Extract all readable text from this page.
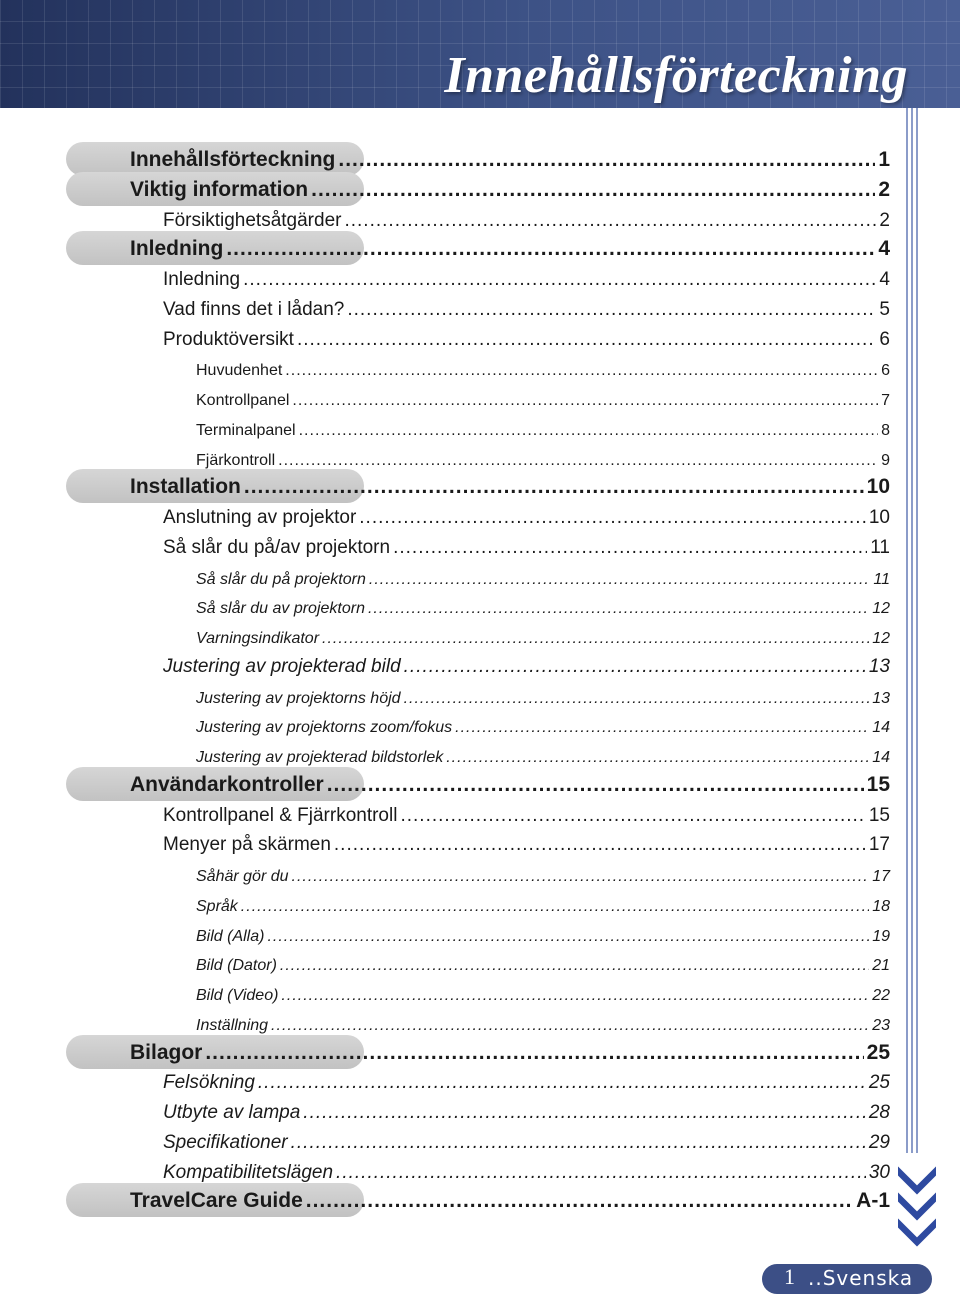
Innehållsförteckning
Innehållsförteckning .....	1
Viktig information .....	2
Försiktighetsåtgärder .....	2
Inledning .....	4
Inledning .....	4
Vad finns det i lådan? .....	5
Produktöversikt .....	6
Huvudenhet .....	6
Kontrollpanel .....	7
Terminalpanel .....	8
Fjärkontroll .....	9
Installation .....	10
Anslutning av projektor .....	10
Så slår du på/av projektorn .....	11
Så slår du på projektorn .....	11
Så slår du av projektorn .....	12
Varningsindikator .....	12
Justering av projekterad bild .....	13
Justering av projektorns höjd .....	13
Justering av projektorns zoom/fokus .....	14
Justering av projekterad bildstorlek .....	14
Användarkontroller .....	15
Kontrollpanel & Fjärrkontroll .....	15
Menyer på skärmen .....	17
Såhär gör du .....	17
Språk .....	18
Bild (Alla) .....	19
Bild (Dator) .....	21
Bild (Video) .....	22
Inställning .....	23
Bilagor .....	25
Felsökning .....	25
Utbyte av lampa .....	28
Specifikationer .....	29
Kompatibilitetslägen .....	30
TravelCare Guide .....	A-1
1 ..Svenska
